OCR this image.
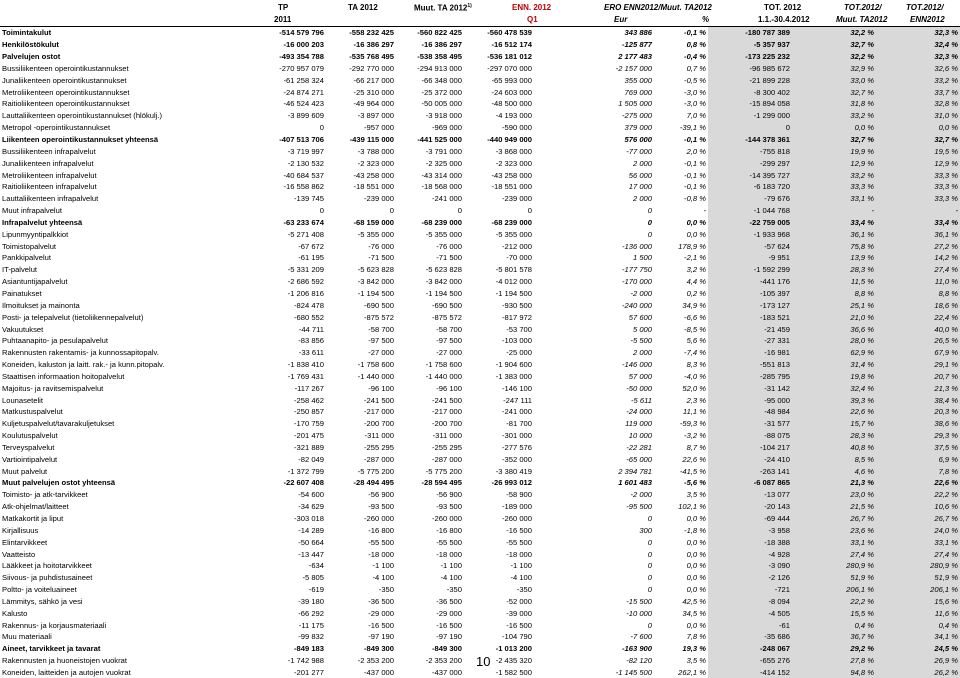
TP	TA 2012	Muut. TA 2012$^{1)}$	ENN. 2012	ERO ENN2012/Muut. TA2012	TOT. 2012	TOT.2012/	TOT.2012/
2011	Q1	Eur	%	1.1.-30.4.2012	Muut. TA2012	ENN2012
Toimintakulut	-514 579 796	-558 232 425	-560 822 425	-560 478 539	343 886	-0,1 %	-180 787 389	32,2 %	32,3 %
Henkilöstökulut	-16 000 203	-16 386 297	-16 386 297	-16 512 174	-125 877	0,8 %	-5 357 937	32,7 %	32,4 %
Palvelujen ostot	-493 354 788	-535 768 495	-538 358 495	-536 181 012	2 177 483	-0,4 %	-173 225 232	32,2 %	32,3 %
Bussiliikenteen operointikustannukset	-270 957 079	-292 770 000	-294 913 000	-297 070 000	-2 157 000	0,7 %	-96 985 672	32,9 %	32,6 %
Junaliikenteen operointikustannukset	-61 258 324	-66 217 000	-66 348 000	-65 993 000	355 000	-0,5 %	-21 899 228	33,0 %	33,2 %
Metroliikenteen operointikustannukset	-24 874 271	-25 310 000	-25 372 000	-24 603 000	769 000	-3,0 %	-8 300 402	32,7 %	33,7 %
Raitioliikenteen operointikustannukset	-46 524 423	-49 964 000	-50 005 000	-48 500 000	1 505 000	-3,0 %	-15 894 058	31,8 %	32,8 %
Lauttaliikenteen operointikustannukset (hlökulj.)	-3 899 609	-3 897 000	-3 918 000	-4 193 000	-275 000	7,0 %	-1 299 000	33,2 %	31,0 %
Metropol -operointikustannukset	0	-957 000	-969 000	-590 000	379 000	-39,1 %	0	0,0 %	0,0 %
Liikenteen operointikustannukset yhteensä	-407 513 706	-439 115 000	-441 525 000	-440 949 000	576 000	-0,1 %	-144 378 361	32,7 %	32,7 %
Bussiliikenteen infrapalvelut	-3 719 997	-3 788 000	-3 791 000	-3 868 000	-77 000	2,0 %	-755 818	19,9 %	19,5 %
Junaliikenteen infrapalvelut	-2 130 532	-2 323 000	-2 325 000	-2 323 000	2 000	-0,1 %	-299 297	12,9 %	12,9 %
Metroliikenteen infrapalvelut	-40 684 537	-43 258 000	-43 314 000	-43 258 000	56 000	-0,1 %	-14 395 727	33,2 %	33,3 %
Raitioliikenteen infrapalvelut	-16 558 862	-18 551 000	-18 568 000	-18 551 000	17 000	-0,1 %	-6 183 720	33,3 %	33,3 %
Lauttaliikenteen infrapalvelut	-139 745	-239 000	-241 000	-239 000	2 000	-0,8 %	-79 676	33,1 %	33,3 %
Muut infrapalvelut	0	0	0	0	0	-	-1 044 768	-	-
Infrapalvelut yhteensä	-63 233 674	-68 159 000	-68 239 000	-68 239 000	0	0,0 %	-22 759 005	33,4 %	33,4 %
Lipunmyyntipalkkiot	-5 271 408	-5 355 000	-5 355 000	-5 355 000	0	0,0 %	-1 933 968	36,1 %	36,1 %
Toimistopalvelut	-67 672	-76 000	-76 000	-212 000	-136 000	178,9 %	-57 624	75,8 %	27,2 %
Pankkipalvelut	-61 195	-71 500	-71 500	-70 000	1 500	-2,1 %	-9 951	13,9 %	14,2 %
IT-palvelut	-5 331 209	-5 623 828	-5 623 828	-5 801 578	-177 750	3,2 %	-1 592 299	28,3 %	27,4 %
Asiantuntijapalvelut	-2 686 592	-3 842 000	-3 842 000	-4 012 000	-170 000	4,4 %	-441 176	11,5 %	11,0 %
Painatukset	-1 206 816	-1 194 500	-1 194 500	-1 194 500	-2 000	0,2 %	-105 397	8,8 %	8,8 %
Ilmoitukset ja mainonta	-824 478	-690 500	-690 500	-930 500	-240 000	34,9 %	-173 127	25,1 %	18,6 %
Posti- ja telepalvelut (tietoliikennepalvelut)	-680 552	-875 572	-875 572	-817 972	57 600	-6,6 %	-183 521	21,0 %	22,4 %
Vakuutukset	-44 711	-58 700	-58 700	-53 700	5 000	-8,5 %	-21 459	36,6 %	40,0 %
Puhtaanapito- ja pesulapalvelut	-83 856	-97 500	-97 500	-103 000	-5 500	5,6 %	-27 331	28,0 %	26,5 %
Rakennusten rakentamis- ja kunnossapitopalv.	-33 611	-27 000	-27 000	-25 000	2 000	-7,4 %	-16 981	62,9 %	67,9 %
Koneiden, kaluston ja laitt. rak.- ja kunn.pitopalv.	-1 838 410	-1 758 600	-1 758 600	-1 904 600	-146 000	8,3 %	-551 813	31,4 %	29,1 %
Staattisen informaation hoitopalvelut	-1 769 431	-1 440 000	-1 440 000	-1 383 000	57 000	-4,0 %	-285 795	19,8 %	20,7 %
Majoitus- ja ravitsemispalvelut	-117 267	-96 100	-96 100	-146 100	-50 000	52,0 %	-31 142	32,4 %	21,3 %
Lounasetelit	-258 462	-241 500	-241 500	-247 111	-5 611	2,3 %	-95 000	39,3 %	38,4 %
Matkustuspalvelut	-250 857	-217 000	-217 000	-241 000	-24 000	11,1 %	-48 984	22,6 %	20,3 %
Kuljetuspalvelut/tavarakuljetukset	-170 759	-200 700	-200 700	-81 700	119 000	-59,3 %	-31 577	15,7 %	38,6 %
Koulutuspalvelut	-201 475	-311 000	-311 000	-301 000	10 000	-3,2 %	-88 075	28,3 %	29,3 %
Terveyspalvelut	-321 889	-255 295	-255 295	-277 576	-22 281	8,7 %	-104 217	40,8 %	37,5 %
Vartiointipalvelut	-82 049	-287 000	-287 000	-352 000	-65 000	22,6 %	-24 410	8,5 %	6,9 %
Muut palvelut	-1 372 799	-5 775 200	-5 775 200	-3 380 419	2 394 781	-41,5 %	-263 141	4,6 %	7,8 %
Muut palvelujen ostot yhteensä	-22 607 408	-28 494 495	-28 594 495	-26 993 012	1 601 483	-5,6 %	-6 087 865	21,3 %	22,6 %
Toimisto- ja atk-tarvikkeet	-54 600	-56 900	-56 900	-58 900	-2 000	3,5 %	-13 077	23,0 %	22,2 %
Atk-ohjelmat/laitteet	-34 629	-93 500	-93 500	-189 000	-95 500	102,1 %	-20 143	21,5 %	10,6 %
Matkakortit ja liput	-303 018	-260 000	-260 000	-260 000	0	0,0 %	-69 444	26,7 %	26,7 %
Kirjallisuus	-14 289	-16 800	-16 800	-16 500	300	-1,8 %	-3 958	23,6 %	24,0 %
Elintarvikkeet	-50 664	-55 500	-55 500	-55 500	0	0,0 %	-18 388	33,1 %	33,1 %
Vaatteisto	-13 447	-18 000	-18 000	-18 000	0	0,0 %	-4 928	27,4 %	27,4 %
Lääkkeet ja hoitotarvikkeet	-634	-1 100	-1 100	-1 100	0	0,0 %	-3 090	280,9 %	280,9 %
Siivous- ja puhdistusaineet	-5 805	-4 100	-4 100	-4 100	0	0,0 %	-2 126	51,9 %	51,9 %
Poltto- ja voiteluaineet	-619	-350	-350	-350	0	0,0 %	-721	206,1 %	206,1 %
Lämmitys, sähkö ja vesi	-39 180	-36 500	-36 500	-52 000	-15 500	42,5 %	-8 094	22,2 %	15,6 %
Kalusto	-66 292	-29 000	-29 000	-39 000	-10 000	34,5 %	-4 505	15,5 %	11,6 %
Rakennus- ja korjausmateriaali	-11 175	-16 500	-16 500	-16 500	0	0,0 %	-61	0,4 %	0,4 %
Muu materiaali	-99 832	-97 190	-97 190	-104 790	-7 600	7,8 %	-35 686	36,7 %	34,1 %
Aineet, tarvikkeet ja tavarat	-849 183	-849 300	-849 300	-1 013 200	-163 900	19,3 %	-248 067	29,2 %	24,5 %
Rakennusten ja huoneistojen vuokrat	-1 742 988	-2 353 200	-2 353 200	-2 435 320	-82 120	3,5 %	-655 276	27,8 %	26,9 %
Koneiden, laitteiden ja autojen vuokrat	-201 277	-437 000	-437 000	-1 582 500	-1 145 500	262,1 %	-414 152	94,8 %	26,2 %
10
